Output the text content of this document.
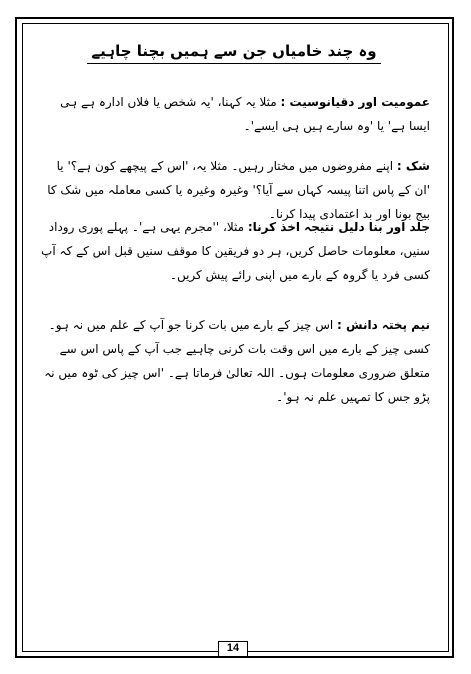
وہ چند خامیاں جن سے ہمیں بچنا چاہیے

عمومیت اور دقیانوسیت : مثلا یہ کہنا، 'یہ شخص یا فلاں ادارہ ہے ہی ایسا ہے' یا 'وہ سارے ہیں ہی ایسے'۔

شک : اپنے مفروضوں میں مختار رہیں۔ مثلا یہ، 'اس کے پیچھے کون ہے؟' یا 'ان کے پاس اتنا پیسہ کہاں سے آیا؟' وغیرہ وغیرہ یا کسی معاملہ میں شک کا بیج بونا اور بد اعتمادی پیدا کرنا۔

جلد اور بنا دلیل نتیجہ اخذ کرنا: مثلا، ''مجرم یہی ہے'۔ پہلے پوری روداد سنیں، معلومات حاصل کریں، ہر دو فریقین کا موقف سنیں قبل اس کے کہ آپ کسی فرد یا گروہ کے بارے میں اپنی رائے پیش کریں۔

نیم پختہ دانش : اس چیز کے بارے میں بات کرنا جو آپ کے علم میں نہ ہو۔ کسی چیز کے بارے میں اس وقت بات کرنی چاہیے جب آپ کے پاس اس سے متعلق ضروری معلومات ہوں۔ اللہ تعالیٰ فرماتا ہے۔ 'اس چیز کی ٹوہ میں نہ پڑو جس کا تمہیں علم نہ ہو'۔

14
